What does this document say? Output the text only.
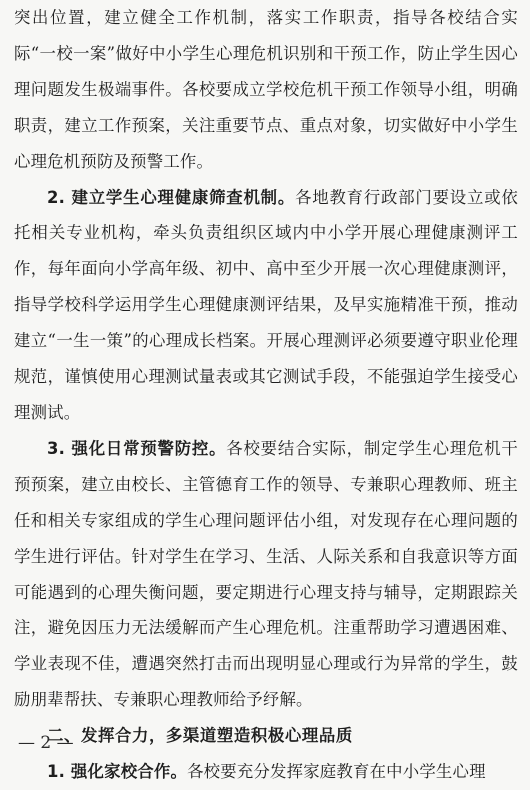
突出位置，建立健全工作机制，落实工作职责，指导各校结合实际“一校一案”做好中小学生心理危机识别和干预工作，防止学生因心理问题发生极端事件。各校要成立学校危机干预工作领导小组，明确职责，建立工作预案，关注重要节点、重点对象，切实做好中小学生心理危机预防及预警工作。

2. 建立学生心理健康筛查机制。各地教育行政部门要设立或依托相关专业机构，牵头负责组织区域内中小学开展心理健康测评工作，每年面向小学高年级、初中、高中至少开展一次心理健康测评，指导学校科学运用学生心理健康测评结果，及早实施精准干预，推动建立“一生一策”的心理成长档案。开展心理测评必须要遵守职业伦理规范，谨慎使用心理测试量表或其它测试手段，不能强迫学生接受心理测试。

3. 强化日常预警防控。各校要结合实际，制定学生心理危机干预预案，建立由校长、主管德育工作的领导、专兼职心理教师、班主任和相关专家组成的学生心理问题评估小组，对发现存在心理问题的学生进行评估。针对学生在学习、生活、人际关系和自我意识等方面可能遇到的心理失衡问题，要定期进行心理支持与辅导，定期跟踪关注，避免因压力无法缓解而产生心理危机。注重帮助学习遭遇困难、学业表现不佳，遭遇突然打击而出现明显心理或行为异常的学生，鼓励朋辈帮扶、专兼职心理教师给予纾解。

二、发挥合力，多渠道塑造积极心理品质

1. 强化家校合作。各校要充分发挥家庭教育在中小学生心理

— 2 —
